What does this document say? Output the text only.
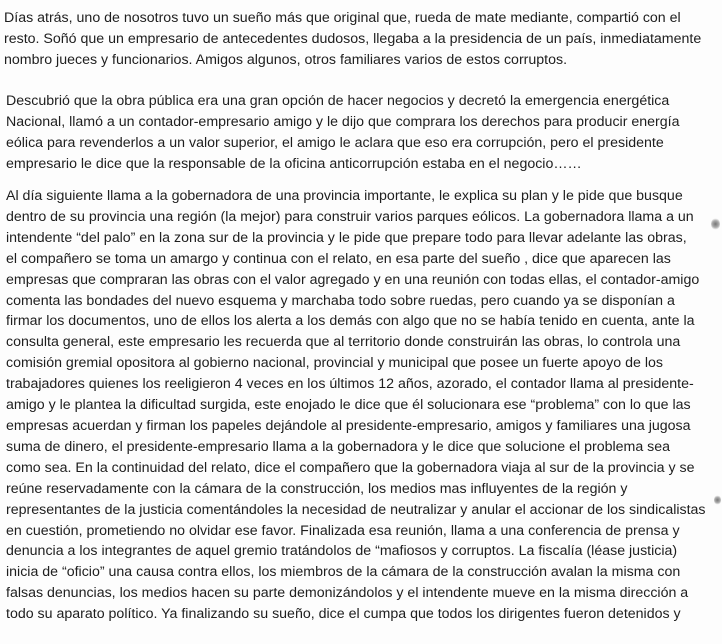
Días atrás, uno de nosotros tuvo un sueño más que original que, rueda de mate mediante, compartió con el
resto. Soñó que un empresario de antecedentes dudosos, llegaba a la presidencia de un país, inmediatamente
nombro jueces y funcionarios. Amigos algunos, otros familiares varios de estos corruptos.
Descubrió que la obra pública era una gran opción de hacer negocios y decretó la emergencia energética
Nacional, llamó a un contador-empresario amigo y le dijo que comprara los derechos para producir energía
eólica para revenderlos a un valor superior, el amigo le aclara que eso era corrupción, pero el presidente
empresario le dice que la responsable de la oficina anticorrupción estaba en el negocio……
Al día siguiente llama a la gobernadora de una provincia importante, le explica su plan y le pide que busque
dentro de su provincia una región (la mejor) para construir varios parques eólicos. La gobernadora llama a un
intendente “del palo” en la zona sur de la provincia y le pide que prepare todo para llevar adelante las obras,
el compañero se toma un amargo y continua con el relato, en esa parte del sueño , dice que aparecen las
empresas que compraran las obras con el valor agregado y en una reunión con todas ellas, el contador-amigo
comenta las bondades del nuevo esquema y marchaba todo sobre ruedas, pero cuando ya se disponían a
firmar los documentos, uno de ellos los alerta a los demás con algo que no se había tenido en cuenta, ante la
consulta general, este empresario les recuerda que al territorio donde construirán las obras, lo controla una
comisión gremial opositora al gobierno nacional, provincial y municipal que posee un fuerte apoyo de los
trabajadores quienes los reeligieron 4 veces en los últimos 12 años, azorado, el contador llama al presidente-
amigo y le plantea la dificultad surgida, este enojado le dice que él solucionara ese “problema” con lo que las
empresas acuerdan y firman los papeles dejándole al presidente-empresario, amigos y familiares una jugosa
suma de dinero, el presidente-empresario llama a la gobernadora y le dice que solucione el problema sea
como sea. En la continuidad del relato, dice el compañero que la gobernadora viaja al sur de la provincia y se
reúne reservadamente con la cámara de la construcción, los medios mas influyentes de la región y
representantes de la justicia comentándoles la necesidad de neutralizar y anular el accionar de los sindicalistas
en cuestión, prometiendo no olvidar ese favor. Finalizada esa reunión, llama a una conferencia de prensa y
denuncia a los integrantes de aquel gremio tratándolos de “mafiosos y corruptos. La fiscalía (léase justicia)
inicia de “oficio” una causa contra ellos, los miembros de la cámara de la construcción avalan la misma con
falsas denuncias, los medios hacen su parte demonizándolos y el intendente mueve en la misma dirección a
todo su aparato político. Ya finalizando su sueño, dice el cumpa que todos los dirigentes fueron detenidos y
